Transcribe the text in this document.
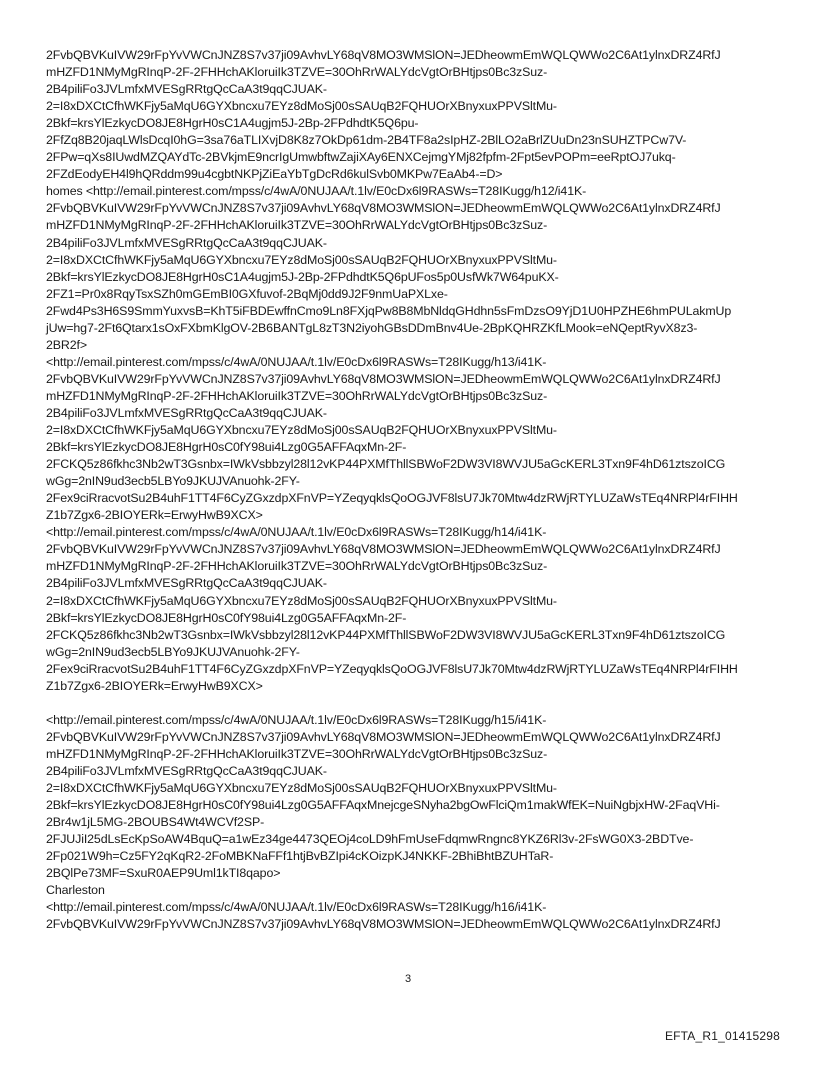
2FvbQBVKuIVW29rFpYvVWCnJNZ8S7v37ji09AvhvLY68qV8MO3WMSlON=JEDheowmEmWQLQWWo2C6At1ylnxDRZ4RfJ
mHZFD1NMyMgRInqP-2F-2FHHchAKloruiIk3TZVE=30OhRrWALYdcVgtOrBHtjps0Bc3zSuz-
2B4piliFo3JVLmfxMVESgRRtgQcCaA3t9qqCJUAK-
2=I8xDXCtCfhWKFjy5aMqU6GYXbncxu7EYz8dMoSj00sSAUqB2FQHUOrXBnyxuxPPVSltMu-
2Bkf=krsYlEzkycDO8JE8HgrH0sC1A4ugjm5J-2Bp-2FPdhdtK5Q6pu-
2FfZq8B20jaqLWlsDcqI0hG=3sa76aTLIXvjD8K8z7OkDp61dm-2B4TF8a2sIpHZ-2BlLO2aBrlZUuDn23nSUHZTPCw7V-
2FPw=qXs8IUwdMZQAYdTc-2BVkjmE9ncrIgUmwbftwZajiXAy6ENXCejmgYMj82fpfm-2Fpt5evPOPm=eeRptOJ7ukq-
2FZdEodyEH4l9hQRddm99u4cgbtNKPjZiEaYbTgDcRd6kulSvb0MKPw7EaAb4-=D>
homes <http://email.pinterest.com/mpss/c/4wA/0NUJAA/t.1lv/E0cDx6l9RASWs=T28IKugg/h12/i41K-
2FvbQBVKuIVW29rFpYvVWCnJNZ8S7v37ji09AvhvLY68qV8MO3WMSlON=JEDheowmEmWQLQWWo2C6At1ylnxDRZ4RfJ
mHZFD1NMyMgRInqP-2F-2FHHchAKloruiIk3TZVE=30OhRrWALYdcVgtOrBHtjps0Bc3zSuz-
2B4piliFo3JVLmfxMVESgRRtgQcCaA3t9qqCJUAK-
2=I8xDXCtCfhWKFjy5aMqU6GYXbncxu7EYz8dMoSj00sSAUqB2FQHUOrXBnyxuxPPVSltMu-
2Bkf=krsYlEzkycDO8JE8HgrH0sC1A4ugjm5J-2Bp-2FPdhdtK5Q6pUFos5p0UsfWk7W64puKX-
2FZ1=Pr0x8RqyTsxSZh0mGEmBI0GXfuvof-2BqMj0dd9J2F9nmUaPXLxe-
2Fwd4Ps3H6S9SmmYuxvsB=KhT5iFBDEwffnCmo9Ln8FXjqPw8B8MbNldqGHdhn5sFmDzsO9YjD1U0HPZHE6hmPULakmUp
jUw=hg7-2Ft6Qtarx1sOxFXbmKlgOV-2B6BANTgL8zT3N2iyohGBsDDmBnv4Ue-2BpKQHRZKfLMook=eNQeptRyvX8z3-
2BR2f>
<http://email.pinterest.com/mpss/c/4wA/0NUJAA/t.1lv/E0cDx6l9RASWs=T28IKugg/h13/i41K-
2FvbQBVKuIVW29rFpYvVWCnJNZ8S7v37ji09AvhvLY68qV8MO3WMSlON=JEDheowmEmWQLQWWo2C6At1ylnxDRZ4RfJ
mHZFD1NMyMgRInqP-2F-2FHHchAKloruiIk3TZVE=30OhRrWALYdcVgtOrBHtjps0Bc3zSuz-
2B4piliFo3JVLmfxMVESgRRtgQcCaA3t9qqCJUAK-
2=I8xDXCtCfhWKFjy5aMqU6GYXbncxu7EYz8dMoSj00sSAUqB2FQHUOrXBnyxuxPPVSltMu-
2Bkf=krsYlEzkycDO8JE8HgrH0sC0fY98ui4Lzg0G5AFFAqxMn-2F-
2FCKQ5z86fkhc3Nb2wT3Gsnbx=IWkVsbbzyl28l12vKP44PXMfThllSBWoF2DW3VI8WVJU5aGcKERL3Txn9F4hD61ztszoICG
wGg=2nIN9ud3ecb5LBYo9JKUJVAnuohk-2FY-
2Fex9ciRracvotSu2B4uhF1TT4F6CyZGxzdpXFnVP=YZeqyqklsQoOGJVF8lsU7Jk70Mtw4dzRWjRTYLUZaWsTEq4NRPl4rFIHH
Z1b7Zgx6-2BIOYERk=ErwyHwB9XCX>
<http://email.pinterest.com/mpss/c/4wA/0NUJAA/t.1lv/E0cDx6l9RASWs=T28IKugg/h14/i41K-
2FvbQBVKuIVW29rFpYvVWCnJNZ8S7v37ji09AvhvLY68qV8MO3WMSlON=JEDheowmEmWQLQWWo2C6At1ylnxDRZ4RfJ
mHZFD1NMyMgRInqP-2F-2FHHchAKloruiIk3TZVE=30OhRrWALYdcVgtOrBHtjps0Bc3zSuz-
2B4piliFo3JVLmfxMVESgRRtgQcCaA3t9qqCJUAK-
2=I8xDXCtCfhWKFjy5aMqU6GYXbncxu7EYz8dMoSj00sSAUqB2FQHUOrXBnyxuxPPVSltMu-
2Bkf=krsYlEzkycDO8JE8HgrH0sC0fY98ui4Lzg0G5AFFAqxMn-2F-
2FCKQ5z86fkhc3Nb2wT3Gsnbx=IWkVsbbzyl28l12vKP44PXMfThllSBWoF2DW3VI8WVJU5aGcKERL3Txn9F4hD61ztszoICG
wGg=2nIN9ud3ecb5LBYo9JKUJVAnuohk-2FY-
2Fex9ciRracvotSu2B4uhF1TT4F6CyZGxzdpXFnVP=YZeqyqklsQoOGJVF8lsU7Jk70Mtw4dzRWjRTYLUZaWsTEq4NRPl4rFIHH
Z1b7Zgx6-2BIOYERk=ErwyHwB9XCX>
<http://email.pinterest.com/mpss/c/4wA/0NUJAA/t.1lv/E0cDx6l9RASWs=T28IKugg/h15/i41K-
2FvbQBVKuIVW29rFpYvVWCnJNZ8S7v37ji09AvhvLY68qV8MO3WMSlON=JEDheowmEmWQLQWWo2C6At1ylnxDRZ4RfJ
mHZFD1NMyMgRInqP-2F-2FHHchAKloruiIk3TZVE=30OhRrWALYdcVgtOrBHtjps0Bc3zSuz-
2B4piliFo3JVLmfxMVESgRRtgQcCaA3t9qqCJUAK-
2=I8xDXCtCfhWKFjy5aMqU6GYXbncxu7EYz8dMoSj00sSAUqB2FQHUOrXBnyxuxPPVSltMu-
2Bkf=krsYlEzkycDO8JE8HgrH0sC0fY98ui4Lzg0G5AFFAqxMnejcgeSNyha2bgOwFlciQm1makWfEK=NuiNgbjxHW-2FaqVHi-
2Br4w1jL5MG-2BOUBS4Wt4WCVf2SP-
2FJUJiI25dLsEcKpSoAW4BquQ=a1wEz34ge4473QEOj4coLD9hFmUseFdqmwRngnc8YKZ6Rl3v-2FsWG0X3-2BDTve-
2Fp021W9h=Cz5FY2qKqR2-2FoMBKNaFFf1htjBvBZIpi4cKOizpKJ4NKKF-2BhiBhtBZUHTaR-
2BQlPe73MF=SxuR0AEP9Uml1kTI8qapo>
Charleston
<http://email.pinterest.com/mpss/c/4wA/0NUJAA/t.1lv/E0cDx6l9RASWs=T28IKugg/h16/i41K-
2FvbQBVKuIVW29rFpYvVWCnJNZ8S7v37ji09AvhvLY68qV8MO3WMSlON=JEDheowmEmWQLQWWo2C6At1ylnxDRZ4RfJ
3
EFTA_R1_01415298
